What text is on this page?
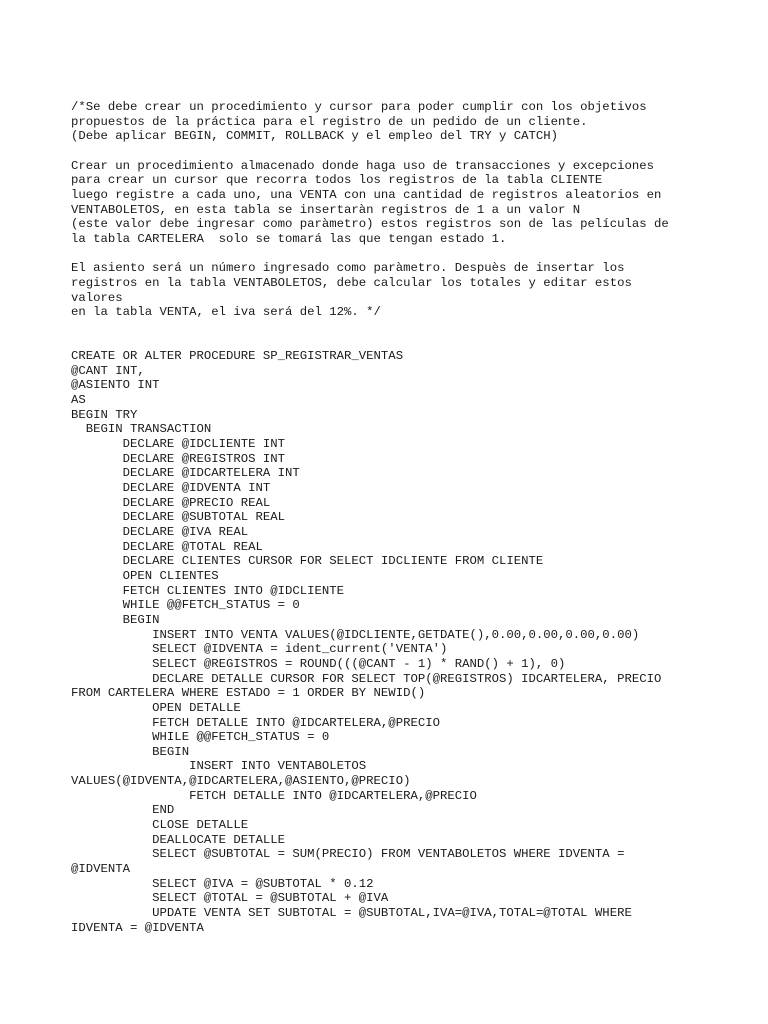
/*Se debe crear un procedimiento y cursor para poder cumplir con los objetivos
propuestos de la práctica para el registro de un pedido de un cliente.
(Debe aplicar BEGIN, COMMIT, ROLLBACK y el empleo del TRY y CATCH)
Crear un procedimiento almacenado donde haga uso de transacciones y excepciones
para crear un cursor que recorra todos los registros de la tabla CLIENTE
luego registre a cada uno, una VENTA con una cantidad de registros aleatorios en
VENTABOLETOS, en esta tabla se insertaràn registros de 1 a un valor N
(este valor debe ingresar como paràmetro) estos registros son de las películas de
la tabla CARTELERA  solo se tomará las que tengan estado 1.
El asiento será un número ingresado como paràmetro. Despuès de insertar los
registros en la tabla VENTABOLETOS, debe calcular los totales y editar estos
valores
en la tabla VENTA, el iva será del 12%. */
CREATE OR ALTER PROCEDURE SP_REGISTRAR_VENTAS
@CANT INT,
@ASIENTO INT
AS
BEGIN TRY
BEGIN TRANSACTION
DECLARE @IDCLIENTE INT
DECLARE @REGISTROS INT
DECLARE @IDCARTELERA INT
DECLARE @IDVENTA INT
DECLARE @PRECIO REAL
DECLARE @SUBTOTAL REAL
DECLARE @IVA REAL
DECLARE @TOTAL REAL
DECLARE CLIENTES CURSOR FOR SELECT IDCLIENTE FROM CLIENTE
OPEN CLIENTES
FETCH CLIENTES INTO @IDCLIENTE
WHILE @@FETCH_STATUS = 0
BEGIN
INSERT INTO VENTA VALUES(@IDCLIENTE,GETDATE(),0.00,0.00,0.00,0.00)
SELECT @IDVENTA = ident_current('VENTA')
SELECT @REGISTROS = ROUND(((@CANT - 1) * RAND() + 1), 0)
DECLARE DETALLE CURSOR FOR SELECT TOP(@REGISTROS) IDCARTELERA, PRECIO
FROM CARTELERA WHERE ESTADO = 1 ORDER BY NEWID()
OPEN DETALLE
FETCH DETALLE INTO @IDCARTELERA,@PRECIO
WHILE @@FETCH_STATUS = 0
BEGIN
INSERT INTO VENTABOLETOS
VALUES(@IDVENTA,@IDCARTELERA,@ASIENTO,@PRECIO)
FETCH DETALLE INTO @IDCARTELERA,@PRECIO
END
CLOSE DETALLE
DEALLOCATE DETALLE
SELECT @SUBTOTAL = SUM(PRECIO) FROM VENTABOLETOS WHERE IDVENTA =
@IDVENTA
SELECT @IVA = @SUBTOTAL * 0.12
SELECT @TOTAL = @SUBTOTAL + @IVA
UPDATE VENTA SET SUBTOTAL = @SUBTOTAL,IVA=@IVA,TOTAL=@TOTAL WHERE
IDVENTA = @IDVENTA
